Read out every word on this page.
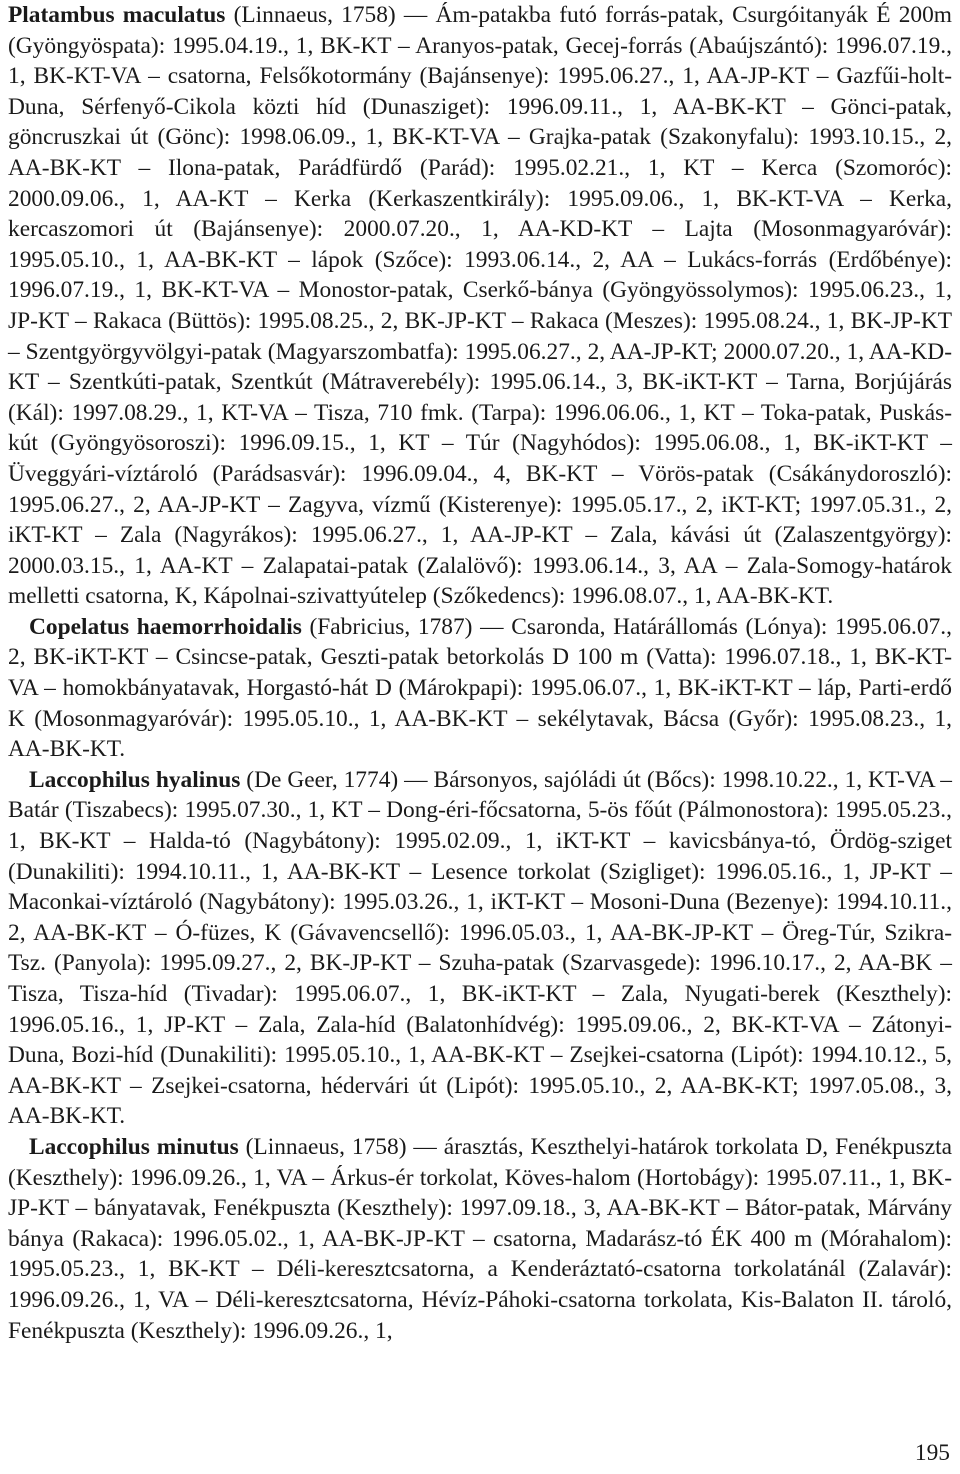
Platambus maculatus (Linnaeus, 1758) — Ám-patakba futó forrás-patak, Csurgóitanyák É 200m (Gyöngyöspata): 1995.04.19., 1, BK-KT – Aranyos-patak, Gecej-forrás (Abaújszántó): 1996.07.19., 1, BK-KT-VA – csatorna, Felsőkotormány (Bajánsenye): 1995.06.27., 1, AA-JP-KT – Gazfűi-holt-Duna, Sérfenyő-Cikola közti híd (Dunasziget): 1996.09.11., 1, AA-BK-KT – Gönci-patak, göncruszkai út (Gönc): 1998.06.09., 1, BK-KT-VA – Grajka-patak (Szakonyfalu): 1993.10.15., 2, AA-BK-KT – Ilona-patak, Parádfürdő (Parád): 1995.02.21., 1, KT – Kerca (Szomoróc): 2000.09.06., 1, AA-KT – Kerka (Kerkaszentkirály): 1995.09.06., 1, BK-KT-VA – Kerka, kercaszomori út (Bajánsenye): 2000.07.20., 1, AA-KD-KT – Lajta (Mosonmagyaróvár): 1995.05.10., 1, AA-BK-KT – lápok (Szőce): 1993.06.14., 2, AA – Lukács-forrás (Erdőbénye): 1996.07.19., 1, BK-KT-VA – Monostor-patak, Cserkő-bánya (Gyöngyössolymos): 1995.06.23., 1, JP-KT – Rakaca (Büttös): 1995.08.25., 2, BK-JP-KT – Rakaca (Meszes): 1995.08.24., 1, BK-JP-KT – Szentgyörgyvölgyi-patak (Magyarszombatfa): 1995.06.27., 2, AA-JP-KT; 2000.07.20., 1, AA-KD-KT – Szentkúti-patak, Szentkút (Mátraverebély): 1995.06.14., 3, BK-iKT-KT – Tarna, Borjújárás (Kál): 1997.08.29., 1, KT-VA – Tisza, 710 fmk. (Tarpa): 1996.06.06., 1, KT – Toka-patak, Puskás-kút (Gyöngyösoroszi): 1996.09.15., 1, KT – Túr (Nagyhódos): 1995.06.08., 1, BK-iKT-KT – Üveggyári-víztároló (Parádsasvár): 1996.09.04., 4, BK-KT – Vörös-patak (Csákánydoroszló): 1995.06.27., 2, AA-JP-KT – Zagyva, vízmű (Kisterenye): 1995.05.17., 2, iKT-KT; 1997.05.31., 2, iKT-KT – Zala (Nagyrákos): 1995.06.27., 1, AA-JP-KT – Zala, kávási út (Zalaszentgyörgy): 2000.03.15., 1, AA-KT – Zalapatai-patak (Zalalövő): 1993.06.14., 3, AA – Zala-Somogy-határok melletti csatorna, K, Kápolnai-szivattyútelep (Szőkedencs): 1996.08.07., 1, AA-BK-KT.

Copelatus haemorrhoidalis (Fabricius, 1787) — Csaronda, Határállomás (Lónya): 1995.06.07., 2, BK-iKT-KT – Csincse-patak, Geszti-patak betorkolás D 100 m (Vatta): 1996.07.18., 1, BK-KT-VA – homokbányatavak, Horgastó-hát D (Márokpapi): 1995.06.07., 1, BK-iKT-KT – láp, Parti-erdő K (Mosonmagyaróvár): 1995.05.10., 1, AA-BK-KT – sekélytavak, Bácsa (Győr): 1995.08.23., 1, AA-BK-KT.

Laccophilus hyalinus (De Geer, 1774) — Bársonyos, sajóládi út (Bőcs): 1998.10.22., 1, KT-VA – Batár (Tiszabecs): 1995.07.30., 1, KT – Dong-éri-főcsatorna, 5-ös főút (Pálmonostora): 1995.05.23., 1, BK-KT – Halda-tó (Nagybátony): 1995.02.09., 1, iKT-KT – kavicsbánya-tó, Ördög-sziget (Dunakiliti): 1994.10.11., 1, AA-BK-KT – Lesence torkolat (Szigliget): 1996.05.16., 1, JP-KT – Maconkai-víztároló (Nagybátony): 1995.03.26., 1, iKT-KT – Mosoni-Duna (Bezenye): 1994.10.11., 2, AA-BK-KT – Ó-füzes, K (Gávavencsellő): 1996.05.03., 1, AA-BK-JP-KT – Öreg-Túr, Szikra-Tsz. (Panyola): 1995.09.27., 2, BK-JP-KT – Szuha-patak (Szarvasgede): 1996.10.17., 2, AA-BK – Tisza, Tisza-híd (Tivadar): 1995.06.07., 1, BK-iKT-KT – Zala, Nyugati-berek (Keszthely): 1996.05.16., 1, JP-KT – Zala, Zala-híd (Balatonhídvég): 1995.09.06., 2, BK-KT-VA – Zátonyi-Duna, Bozi-híd (Dunakiliti): 1995.05.10., 1, AA-BK-KT – Zsejkei-csatorna (Lipót): 1994.10.12., 5, AA-BK-KT – Zsejkei-csatorna, hédervári út (Lipót): 1995.05.10., 2, AA-BK-KT; 1997.05.08., 3, AA-BK-KT.

Laccophilus minutus (Linnaeus, 1758) — árasztás, Keszthelyi-határok torkolata D, Fenékpuszta (Keszthely): 1996.09.26., 1, VA – Árkus-ér torkolat, Köves-halom (Hortobágy): 1995.07.11., 1, BK-JP-KT – bányatavak, Fenékpuszta (Keszthely): 1997.09.18., 3, AA-BK-KT – Bátor-patak, Márvány bánya (Rakaca): 1996.05.02., 1, AA-BK-JP-KT – csatorna, Madarász-tó ÉK 400 m (Mórahalom): 1995.05.23., 1, BK-KT – Déli-keresztcsatorna, a Kenderáztató-csatorna torkolatánál (Zalavár): 1996.09.26., 1, VA – Déli-keresztcsatorna, Hévíz-Páhoki-csatorna torkolata, Kis-Balaton II. tároló, Fenékpuszta (Keszthely): 1996.09.26., 1,

195
